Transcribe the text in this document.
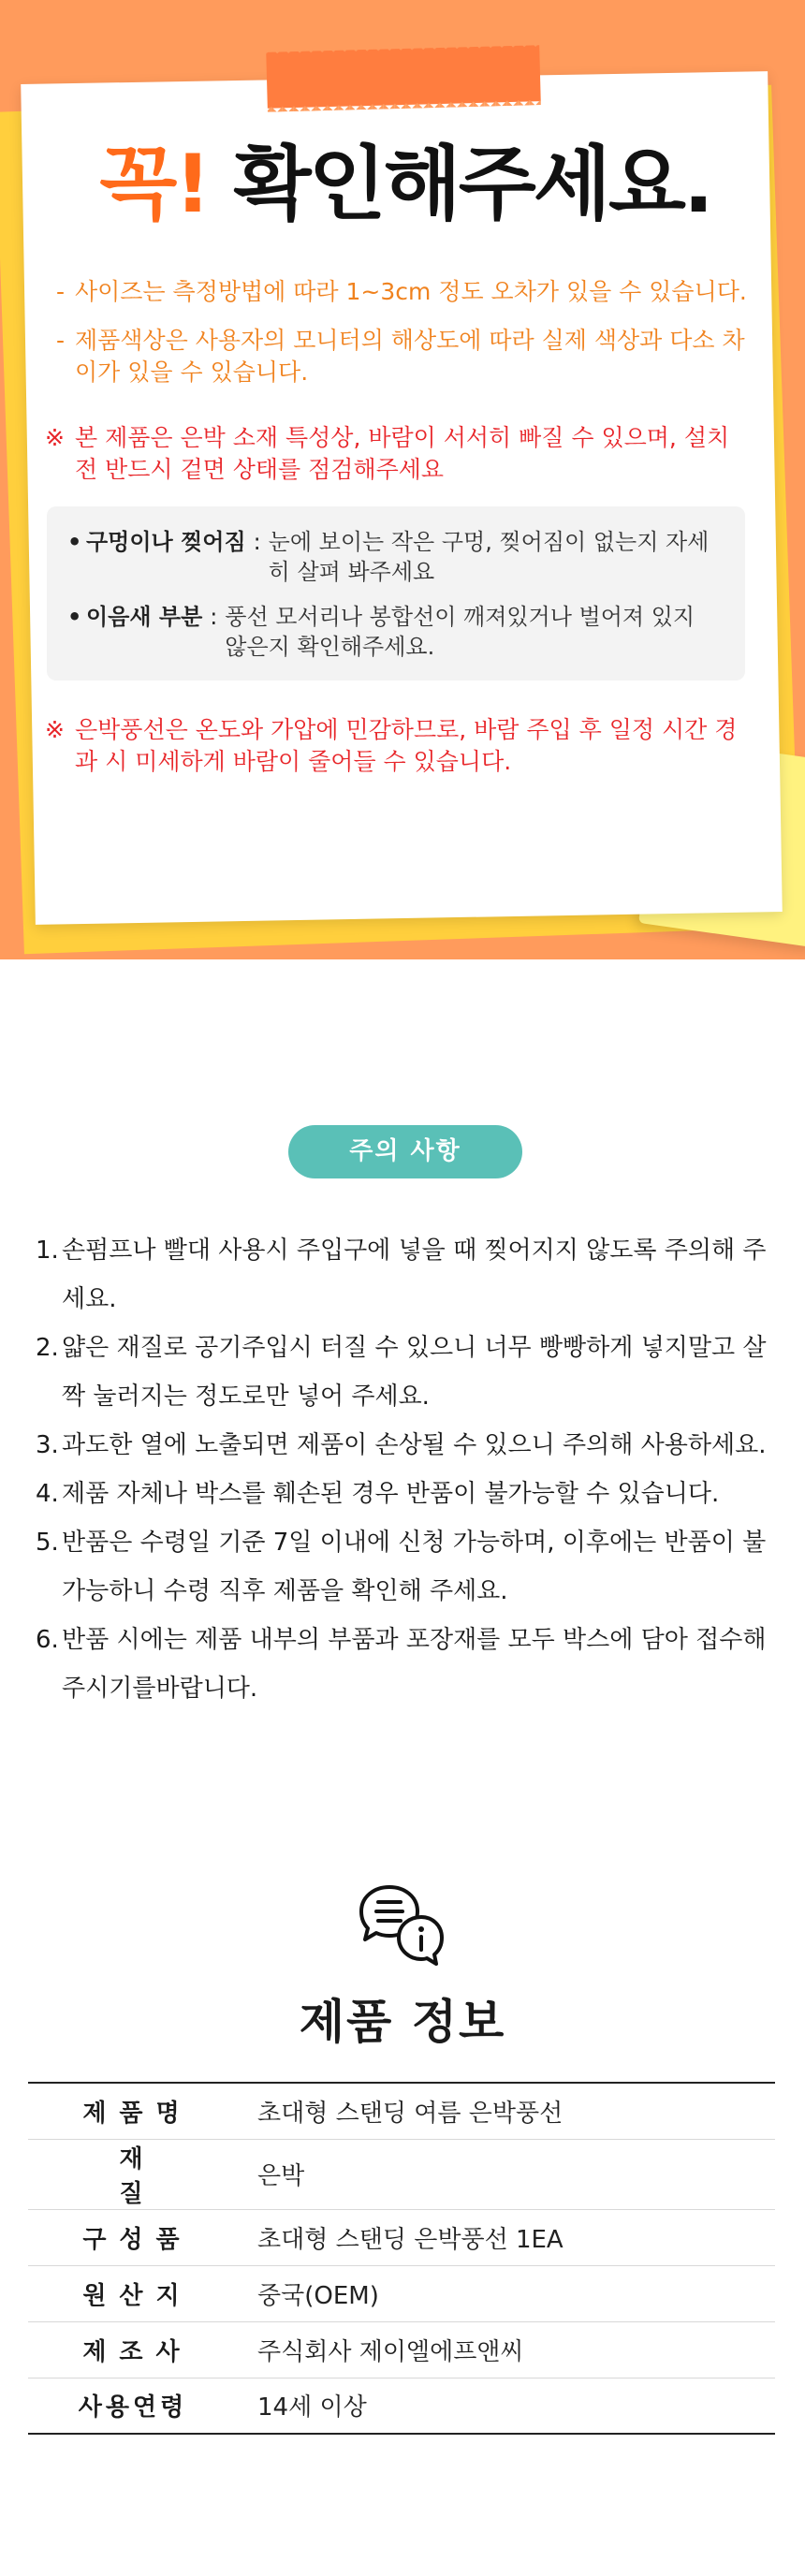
꼭! 확인해주세요.
- 사이즈는 측정방법에 따라 1~3cm 정도 오차가 있을 수 있습니다.
- 제품색상은 사용자의 모니터의 해상도에 따라 실제 색상과 다소 차이가 있을 수 있습니다.
※ 본 제품은 은박 소재 특성상, 바람이 서서히 빠질 수 있으며, 설치 전 반드시 겉면 상태를 점검해주세요
• 구멍이나 찢어짐 : 눈에 보이는 작은 구멍, 찢어짐이 없는지 자세히 살펴 봐주세요
• 이음새 부분 : 풍선 모서리나 봉합선이 깨져있거나 벌어져 있지 않은지 확인해주세요.
※ 은박풍선은 온도와 가압에 민감하므로, 바람 주입 후 일정 시간 경과 시 미세하게 바람이 줄어들 수 있습니다.
주의 사항
1. 손펌프나 빨대 사용시 주입구에 넣을 때 찢어지지 않도록 주의해 주세요.
2. 얇은 재질로 공기주입시 터질 수 있으니 너무 빵빵하게 넣지말고 살짝 눌러지는 정도로만 넣어 주세요.
3. 과도한 열에 노출되면 제품이 손상될 수 있으니 주의해 사용하세요.
4. 제품 자체나 박스를 훼손된 경우 반품이 불가능할 수 있습니다.
5. 반품은 수령일 기준 7일 이내에 신청 가능하며, 이후에는 반품이 불가능하니 수령 직후 제품을 확인해 주세요.
6. 반품 시에는 제품 내부의 부품과 포장재를 모두 박스에 담아 접수해 주시기를바랍니다.
제품 정보
제품명	초대형 스탠딩 여름 은박풍선
재질	은박
구성품	초대형 스탠딩 은박풍선 1EA
원산지	중국(OEM)
제조사	주식회사 제이엘에프앤씨
사용연령	14세 이상
